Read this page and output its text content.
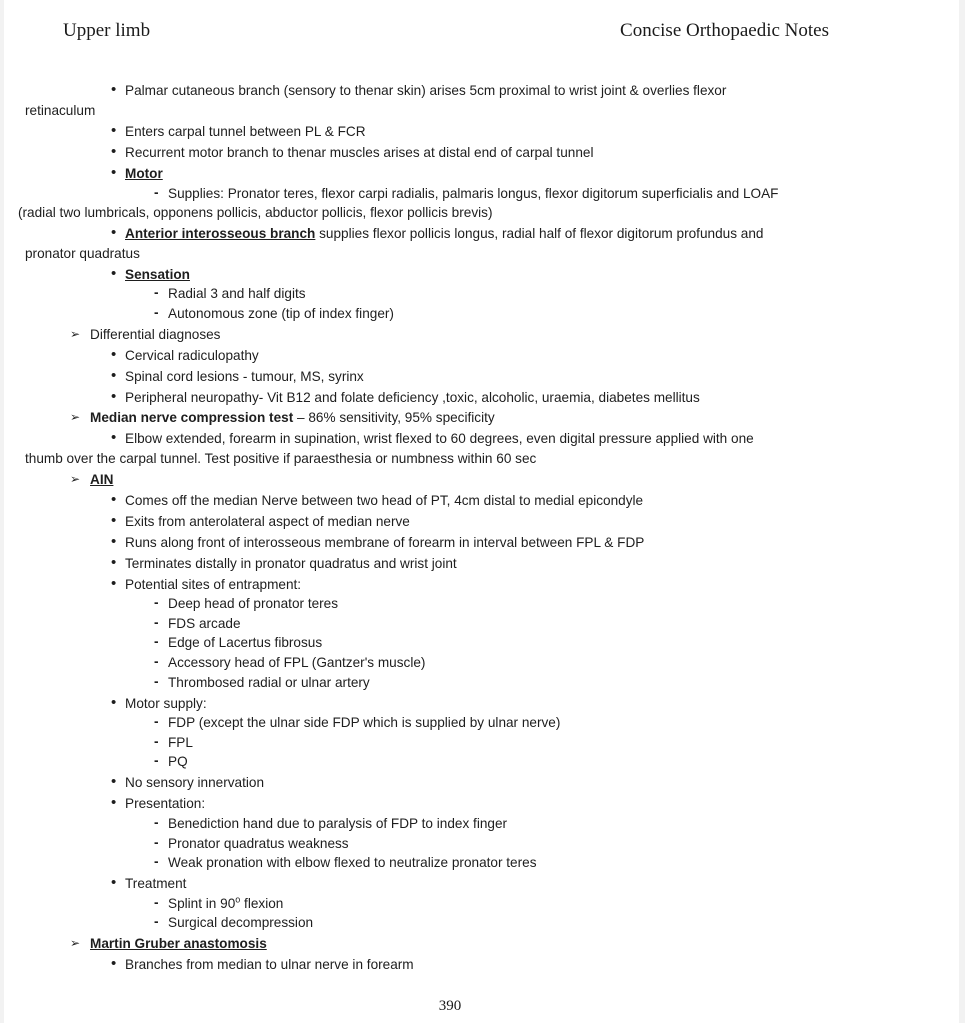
Upper limb	Concise Orthopaedic Notes
• Palmar cutaneous branch (sensory to thenar skin) arises 5cm proximal to wrist joint & overlies flexor
retinaculum
• Enters carpal tunnel between PL & FCR
• Recurrent motor branch to thenar muscles arises at distal end of carpal tunnel
• Motor
- Supplies: Pronator teres, flexor carpi radialis, palmaris longus, flexor digitorum superficialis and LOAF
(radial two lumbricals, opponens pollicis, abductor pollicis, flexor pollicis brevis)
• Anterior interosseous branch supplies flexor pollicis longus, radial half of flexor digitorum profundus and
pronator quadratus
• Sensation
- Radial 3 and half digits
- Autonomous zone (tip of index finger)
➢ Differential diagnoses
• Cervical radiculopathy
• Spinal cord lesions - tumour, MS, syrinx
• Peripheral neuropathy- Vit B12 and folate deficiency ,toxic, alcoholic, uraemia, diabetes mellitus
➢ Median nerve compression test – 86% sensitivity, 95% specificity
• Elbow extended, forearm in supination, wrist flexed to 60 degrees, even digital pressure applied with one
thumb over the carpal tunnel. Test positive if paraesthesia or numbness within 60 sec
➢ AIN
• Comes off the median Nerve between two head of PT, 4cm distal to medial epicondyle
• Exits from anterolateral aspect of median nerve
• Runs along front of interosseous membrane of forearm in interval between FPL & FDP
• Terminates distally in pronator quadratus and wrist joint
• Potential sites of entrapment:
- Deep head of pronator teres
- FDS arcade
- Edge of Lacertus fibrosus
- Accessory head of FPL (Gantzer's muscle)
- Thrombosed radial or ulnar artery
• Motor supply:
- FDP (except the ulnar side FDP which is supplied by ulnar nerve)
- FPL
- PQ
• No sensory innervation
• Presentation:
- Benediction hand due to paralysis of FDP to index finger
- Pronator quadratus weakness
- Weak pronation with elbow flexed to neutralize pronator teres
• Treatment
- Splint in 90$^o$ flexion
- Surgical decompression
➢ Martin Gruber anastomosis
• Branches from median to ulnar nerve in forearm
390
